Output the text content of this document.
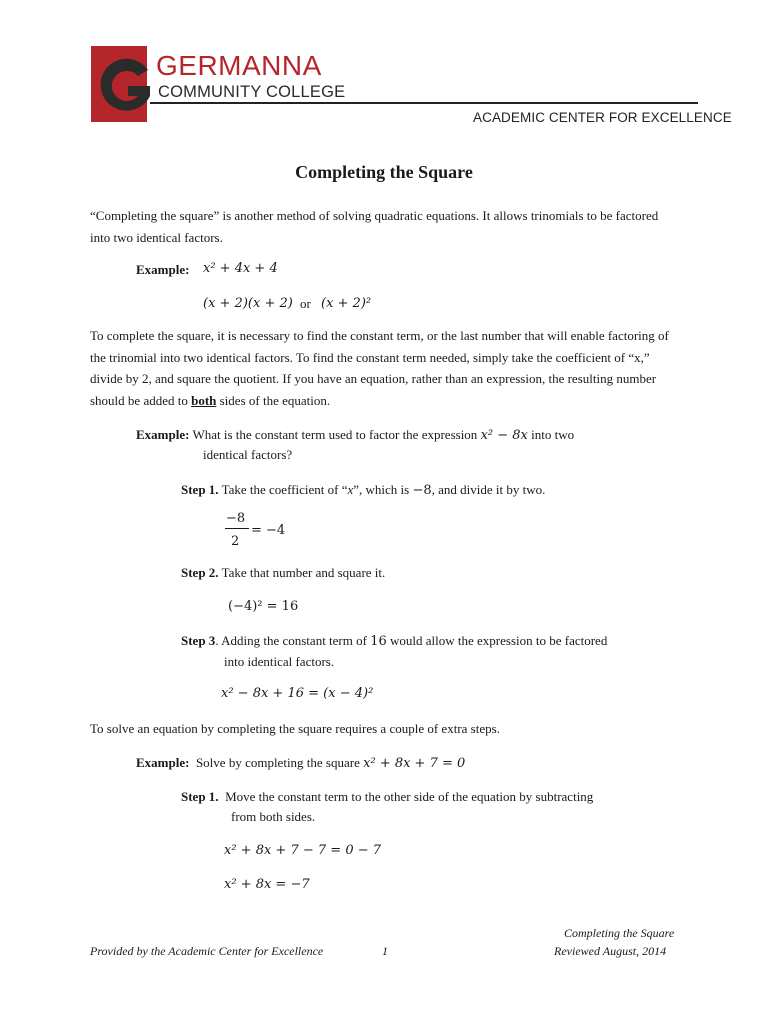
GERMANNA
COMMUNITY COLLEGE
ACADEMIC CENTER FOR EXCELLENCE
Completing the Square
“Completing the square” is another method of solving quadratic equations. It allows trinomials to be factored into two identical factors.
Example: x² + 4x + 4
(x + 2)(x + 2) or (x + 2)²
To complete the square, it is necessary to find the constant term, or the last number that will enable factoring of the trinomial into two identical factors. To find the constant term needed, simply take the coefficient of “x,” divide by 2, and square the quotient. If you have an equation, rather than an expression, the resulting number should be added to both sides of the equation.
Example: What is the constant term used to factor the expression x² − 8x into two
identical factors?
Step 1. Take the coefficient of “x”, which is −8, and divide it by two.
−8
2
= −4
Step 2. Take that number and square it.
(−4)² = 16
Step 3. Adding the constant term of 16 would allow the expression to be factored
into identical factors.
x² − 8x + 16 = (x − 4)²
To solve an equation by completing the square requires a couple of extra steps.
Example: Solve by completing the square x² + 8x + 7 = 0
Step 1. Move the constant term to the other side of the equation by subtracting
from both sides.
x² + 8x + 7 − 7 = 0 − 7
x² + 8x = −7
Provided by the Academic Center for Excellence	1
Completing the Square
Reviewed August, 2014
